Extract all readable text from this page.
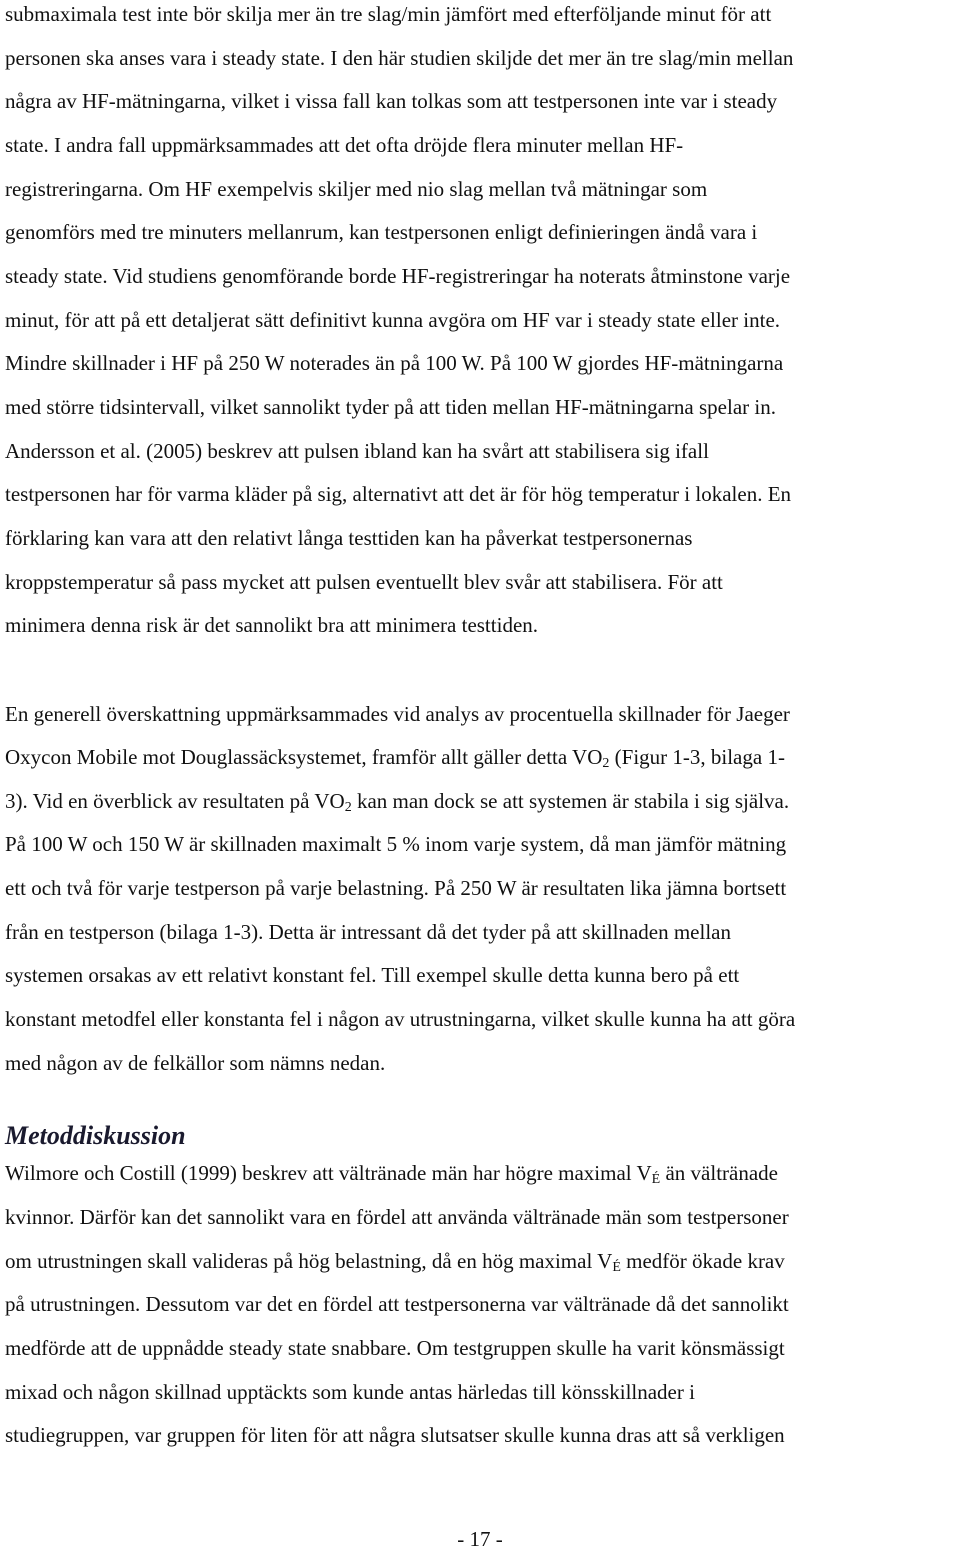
submaximala test inte bör skilja mer än tre slag/min jämfört med efterföljande minut för att
personen ska anses vara i steady state. I den här studien skiljde det mer än tre slag/min mellan
några av HF-mätningarna, vilket i vissa fall kan tolkas som att testpersonen inte var i steady
state. I andra fall uppmärksammades att det ofta dröjde flera minuter mellan HF-
registreringarna. Om HF exempelvis skiljer med nio slag mellan två mätningar som
genomförs med tre minuters mellanrum, kan testpersonen enligt definieringen ändå vara i
steady state. Vid studiens genomförande borde HF-registreringar ha noterats åtminstone varje
minut, för att på ett detaljerat sätt definitivt kunna avgöra om HF var i steady state eller inte.
Mindre skillnader i HF på 250 W noterades än på 100 W. På 100 W gjordes HF-mätningarna
med större tidsintervall, vilket sannolikt tyder på att tiden mellan HF-mätningarna spelar in.
Andersson et al. (2005) beskrev att pulsen ibland kan ha svårt att stabilisera sig ifall
testpersonen har för varma kläder på sig, alternativt att det är för hög temperatur i lokalen. En
förklaring kan vara att den relativt långa testtiden kan ha påverkat testpersonernas
kroppstemperatur så pass mycket att pulsen eventuellt blev svår att stabilisera. För att
minimera denna risk är det sannolikt bra att minimera testtiden.
En generell överskattning uppmärksammades vid analys av procentuella skillnader för Jaeger
Oxycon Mobile mot Douglassäcksystemet, framför allt gäller detta $VO_2$ (Figur 1-3, bilaga 1-
3). Vid en överblick av resultaten på $VO_2$ kan man dock se att systemen är stabila i sig själva.
På 100 W och 150 W är skillnaden maximalt 5 % inom varje system, då man jämför mätning
ett och två för varje testperson på varje belastning. På 250 W är resultaten lika jämna bortsett
från en testperson (bilaga 1-3). Detta är intressant då det tyder på att skillnaden mellan
systemen orsakas av ett relativt konstant fel. Till exempel skulle detta kunna bero på ett
konstant metodfel eller konstanta fel i någon av utrustningarna, vilket skulle kunna ha att göra
med någon av de felkällor som nämns nedan.
Metoddiskussion
Wilmore och Costill (1999) beskrev att vältränade män har högre maximal $V_É$ än vältränade
kvinnor. Därför kan det sannolikt vara en fördel att använda vältränade män som testpersoner
om utrustningen skall valideras på hög belastning, då en hög maximal $V_É$ medför ökade krav
på utrustningen. Dessutom var det en fördel att testpersonerna var vältränade då det sannolikt
medförde att de uppnådde steady state snabbare. Om testgruppen skulle ha varit könsmässigt
mixad och någon skillnad upptäckts som kunde antas härledas till könsskillnader i
studiegruppen, var gruppen för liten för att några slutsatser skulle kunna dras att så verkligen
- 17 -
